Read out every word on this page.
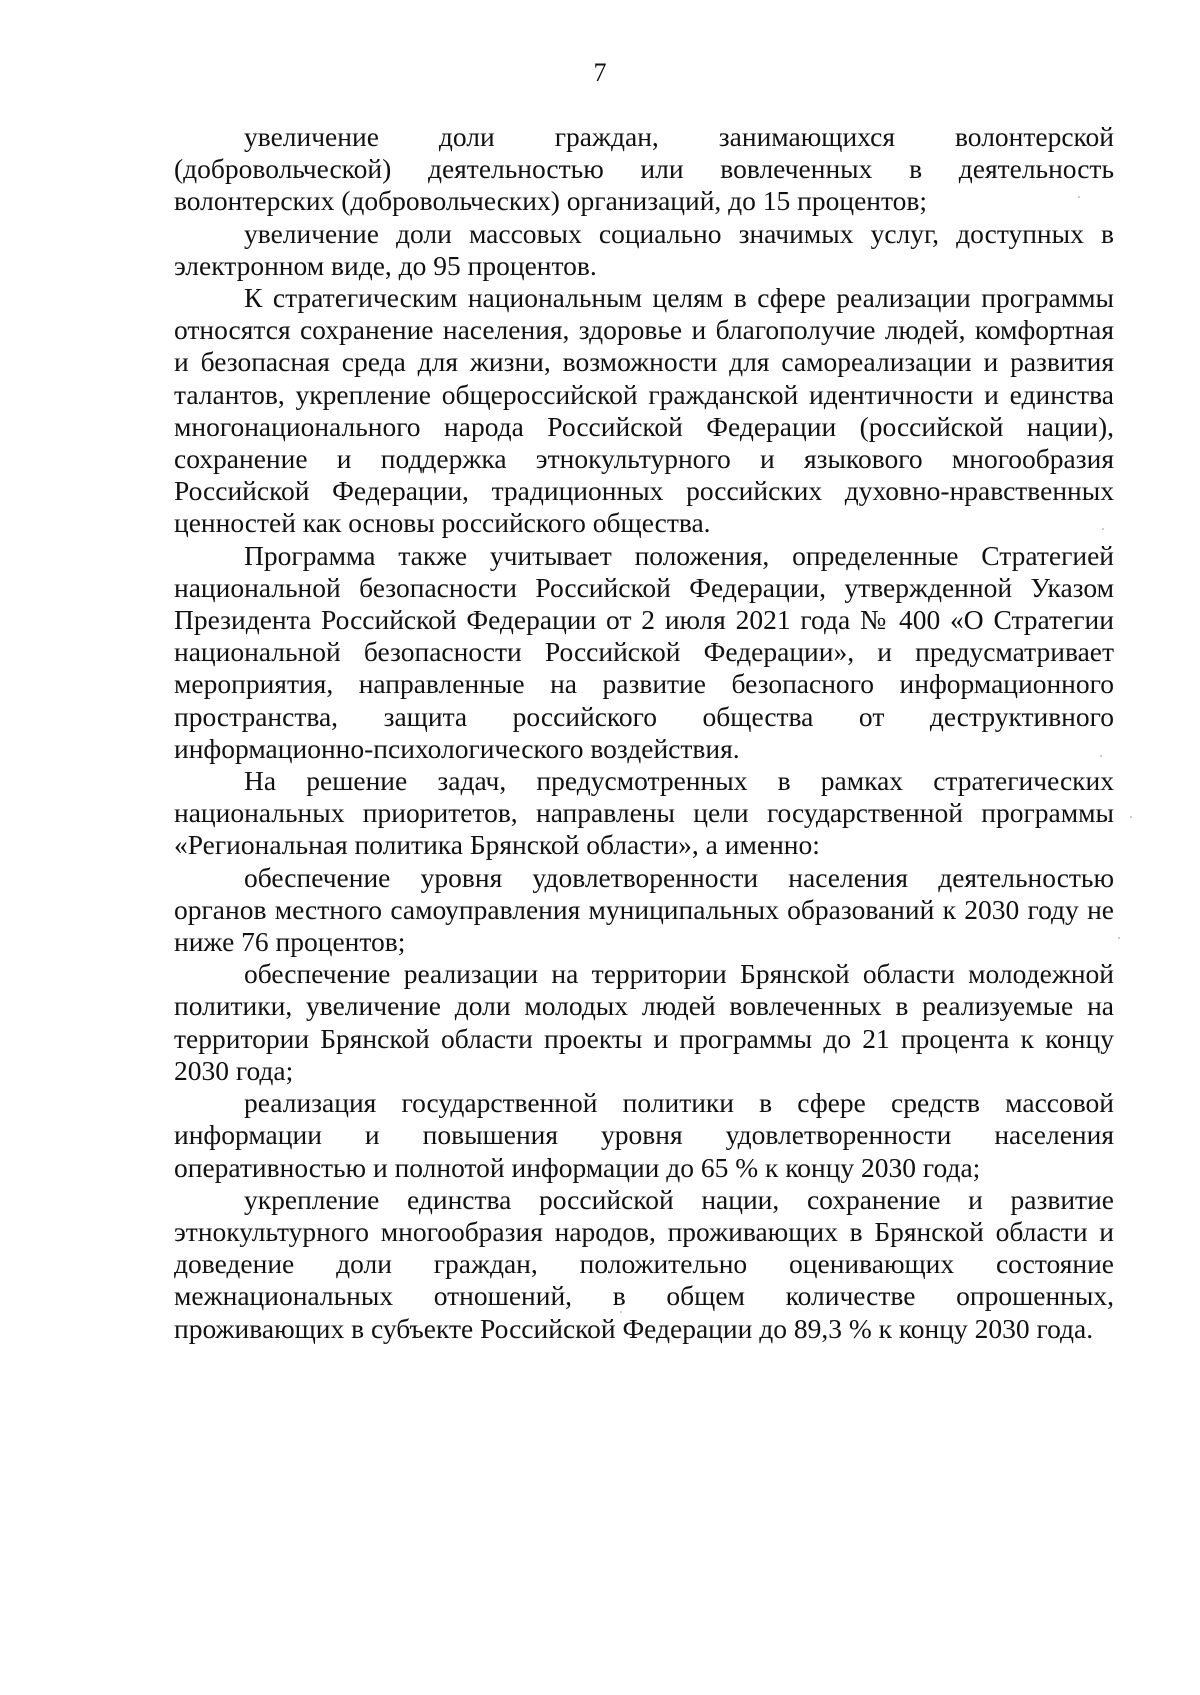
7

увеличение доли граждан, занимающихся волонтерской (добровольческой) деятельностью или вовлеченных в деятельность волонтерских (добровольческих) организаций, до 15 процентов;

увеличение доли массовых социально значимых услуг, доступных в электронном виде, до 95 процентов.

К стратегическим национальным целям в сфере реализации программы относятся сохранение населения, здоровье и благополучие людей, комфортная и безопасная среда для жизни, возможности для самореализации и развития талантов, укрепление общероссийской гражданской идентичности и единства многонационального народа Российской Федерации (российской нации), сохранение и поддержка этнокультурного и языкового многообразия Российской Федерации, традиционных российских духовно-нравственных ценностей как основы российского общества.

Программа также учитывает положения, определенные Стратегией национальной безопасности Российской Федерации, утвержденной Указом Президента Российской Федерации от 2 июля 2021 года № 400 «О Стратегии национальной безопасности Российской Федерации», и предусматривает мероприятия, направленные на развитие безопасного информационного пространства, защита российского общества от деструктивного информационно-психологического воздействия.

На решение задач, предусмотренных в рамках стратегических национальных приоритетов, направлены цели государственной программы «Региональная политика Брянской области», а именно:

обеспечение уровня удовлетворенности населения деятельностью органов местного самоуправления муниципальных образований к 2030 году не ниже 76 процентов;

обеспечение реализации на территории Брянской области молодежной политики, увеличение доли молодых людей вовлеченных в реализуемые на территории Брянской области проекты и программы до 21 процента к концу 2030 года;

реализация государственной политики в сфере средств массовой информации и повышения уровня удовлетворенности населения оперативностью и полнотой информации до 65 % к концу 2030 года;

укрепление единства российской нации, сохранение и развитие этнокультурного многообразия народов, проживающих в Брянской области и доведение доли граждан, положительно оценивающих состояние межнациональных отношений, в общем количестве опрошенных, проживающих в субъекте Российской Федерации до 89,3 % к концу 2030 года.
